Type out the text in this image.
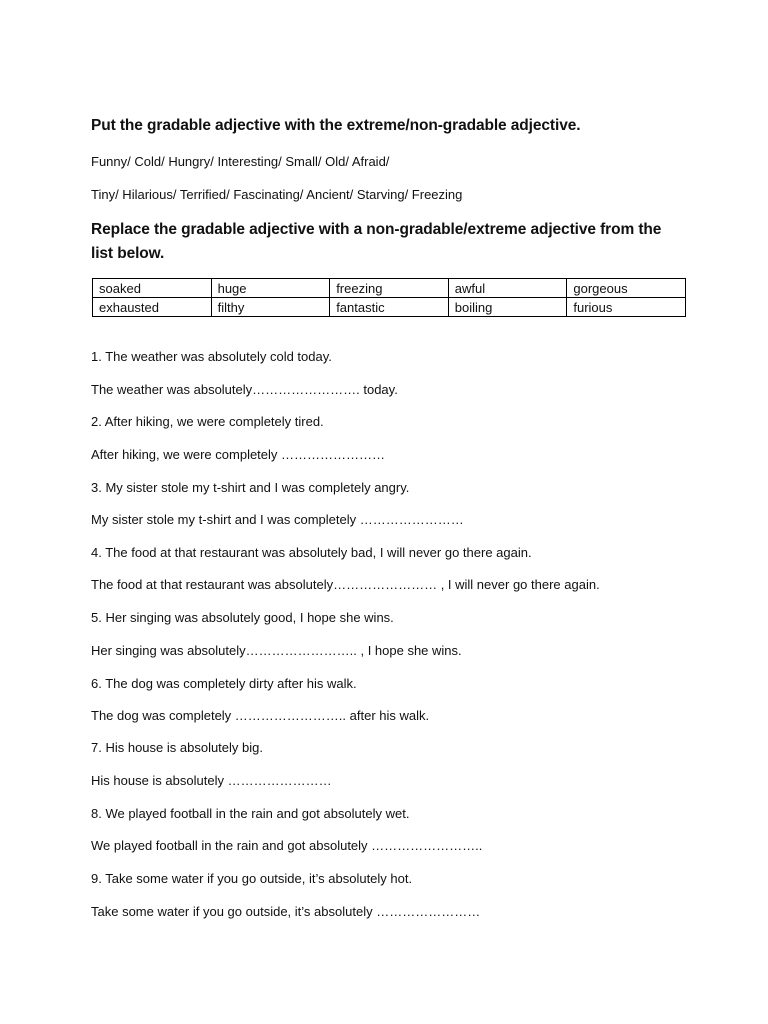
Put the gradable adjective with the extreme/non-gradable adjective.
Funny/ Cold/ Hungry/ Interesting/ Small/ Old/ Afraid/
Tiny/ Hilarious/ Terrified/ Fascinating/ Ancient/ Starving/ Freezing
Replace the gradable adjective with a non-gradable/extreme adjective from the list below.
soaked	huge	freezing	awful	gorgeous
exhausted	filthy	fantastic	boiling	furious
1. The weather was absolutely cold today.
The weather was absolutely……………………. today.
2. After hiking, we were completely tired.
After hiking, we were completely ……………………
3. My sister stole my t-shirt and I was completely angry.
My sister stole my t-shirt and I was completely ……………………
4. The food at that restaurant was absolutely bad, I will never go there again.
The food at that restaurant was absolutely…………………… , I will never go there again.
5. Her singing was absolutely good, I hope she wins.
Her singing was absolutely…………………….. , I hope she wins.
6. The dog was completely dirty after his walk.
The dog was completely …………………….. after his walk.
7. His house is absolutely big.
His house is absolutely ……………………
8. We played football in the rain and got absolutely wet.
We played football in the rain and got absolutely ……………………..
9. Take some water if you go outside, it’s absolutely hot.
Take some water if you go outside, it’s absolutely ……………………
